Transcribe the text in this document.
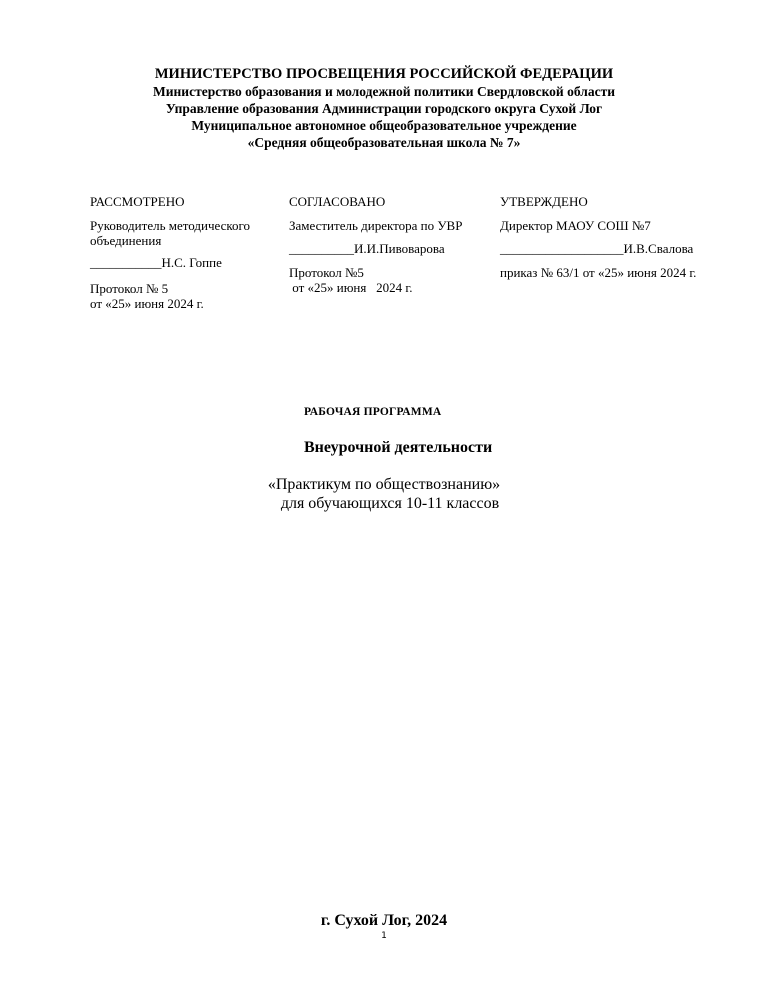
МИНИСТЕРСТВО ПРОСВЕЩЕНИЯ РОССИЙСКОЙ ФЕДЕРАЦИИ
Министерство образования и молодежной политики Свердловской области
Управление образования Администрации городского округа Сухой Лог
Муниципальное автономное общеобразовательное учреждение
«Средняя общеобразовательная школа № 7»
РАССМОТРЕНО
Руководитель методического
объединения
___________Н.С. Гоппе
Протокол № 5
от «25» июня 2024 г.
СОГЛАСОВАНО
Заместитель директора по УВР
__________И.И.Пивоварова
Протокол №5
от «25» июня   2024 г.
УТВЕРЖДЕНО
Директор МАОУ СОШ №7
___________________И.В.Свалова
приказ № 63/1 от «25» июня 2024 г.
РАБОЧАЯ ПРОГРАММА
Внеурочной деятельности
«Практикум по обществознанию»
для обучающихся 10-11 классов
г. Сухой Лог, 2024
1
